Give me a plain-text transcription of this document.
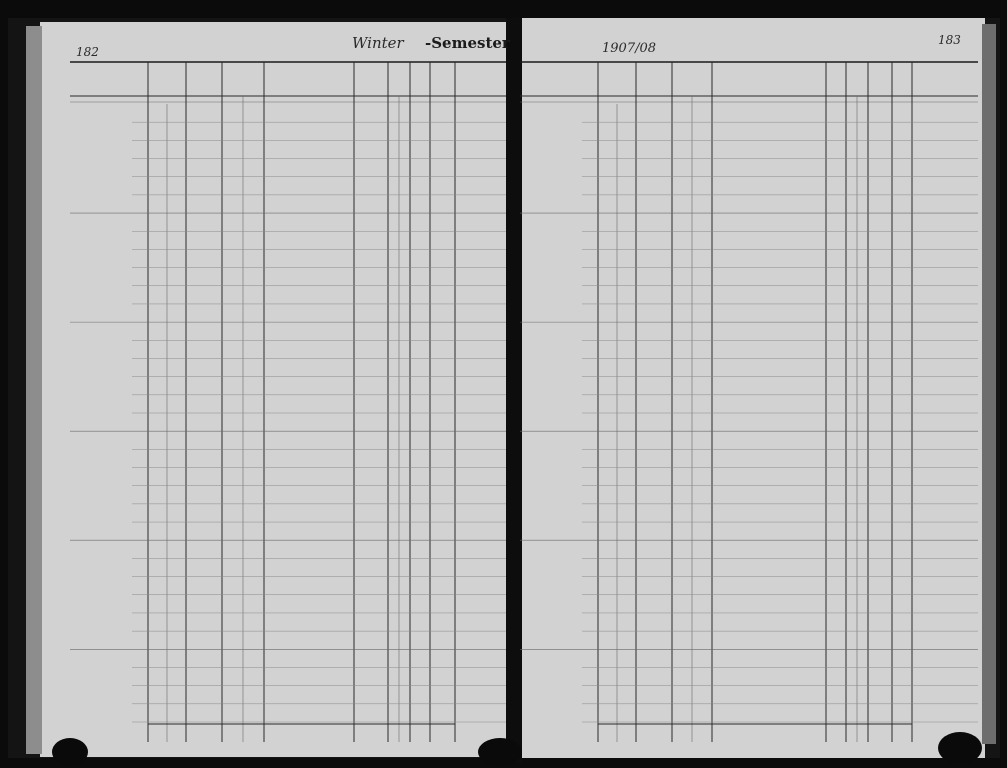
182	Winter -Semester	1907/08
183
